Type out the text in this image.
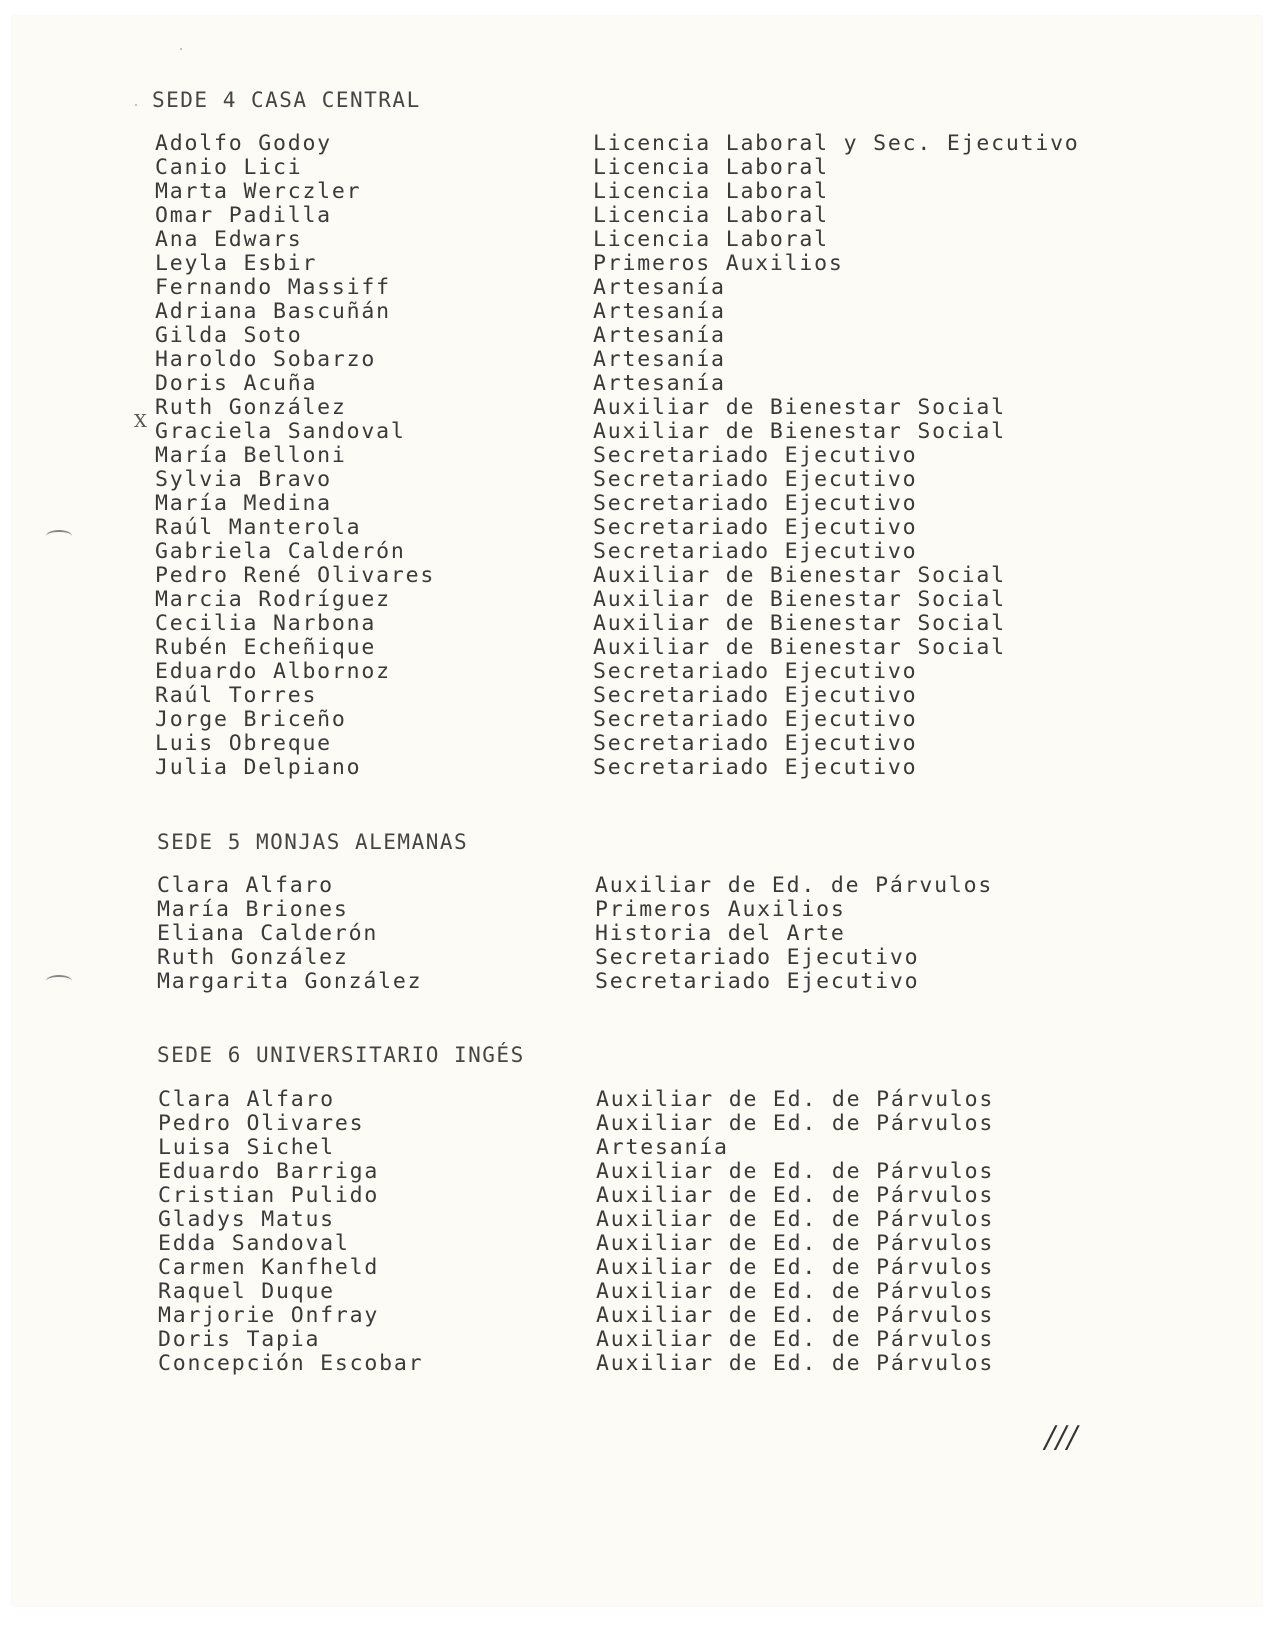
SEDE 4 CASA CENTRAL
X
Adolfo Godoy	Licencia Laboral y Sec. Ejecutivo
Canio Lici	Licencia Laboral
Marta Werczler	Licencia Laboral
Omar Padilla	Licencia Laboral
Ana Edwars	Licencia Laboral
Leyla Esbir	Primeros Auxilios
Fernando Massiff	Artesanía
Adriana Bascuñán	Artesanía
Gilda Soto	Artesanía
Haroldo Sobarzo	Artesanía
Doris Acuña	Artesanía
Ruth González	Auxiliar de Bienestar Social
Graciela Sandoval	Auxiliar de Bienestar Social
María Belloni	Secretariado Ejecutivo
Sylvia Bravo	Secretariado Ejecutivo
María Medina	Secretariado Ejecutivo
Raúl Manterola	Secretariado Ejecutivo
Gabriela Calderón	Secretariado Ejecutivo
Pedro René Olivares	Auxiliar de Bienestar Social
Marcia Rodríguez	Auxiliar de Bienestar Social
Cecilia Narbona	Auxiliar de Bienestar Social
Rubén Echeñique	Auxiliar de Bienestar Social
Eduardo Albornoz	Secretariado Ejecutivo
Raúl Torres	Secretariado Ejecutivo
Jorge Briceño	Secretariado Ejecutivo
Luis Obreque	Secretariado Ejecutivo
Julia Delpiano	Secretariado Ejecutivo
SEDE 5 MONJAS ALEMANAS
Clara Alfaro	Auxiliar de Ed. de Párvulos
María Briones	Primeros Auxilios
Eliana Calderón	Historia del Arte
Ruth González	Secretariado Ejecutivo
Margarita González	Secretariado Ejecutivo
SEDE 6 UNIVERSITARIO INGÉS
Clara Alfaro	Auxiliar de Ed. de Párvulos
Pedro Olivares	Auxiliar de Ed. de Párvulos
Luisa Sichel	Artesanía
Eduardo Barriga	Auxiliar de Ed. de Párvulos
Cristian Pulido	Auxiliar de Ed. de Párvulos
Gladys Matus	Auxiliar de Ed. de Párvulos
Edda Sandoval	Auxiliar de Ed. de Párvulos
Carmen Kanfheld	Auxiliar de Ed. de Párvulos
Raquel Duque	Auxiliar de Ed. de Párvulos
Marjorie Onfray	Auxiliar de Ed. de Párvulos
Doris Tapia	Auxiliar de Ed. de Párvulos
Concepción Escobar	Auxiliar de Ed. de Párvulos
///
